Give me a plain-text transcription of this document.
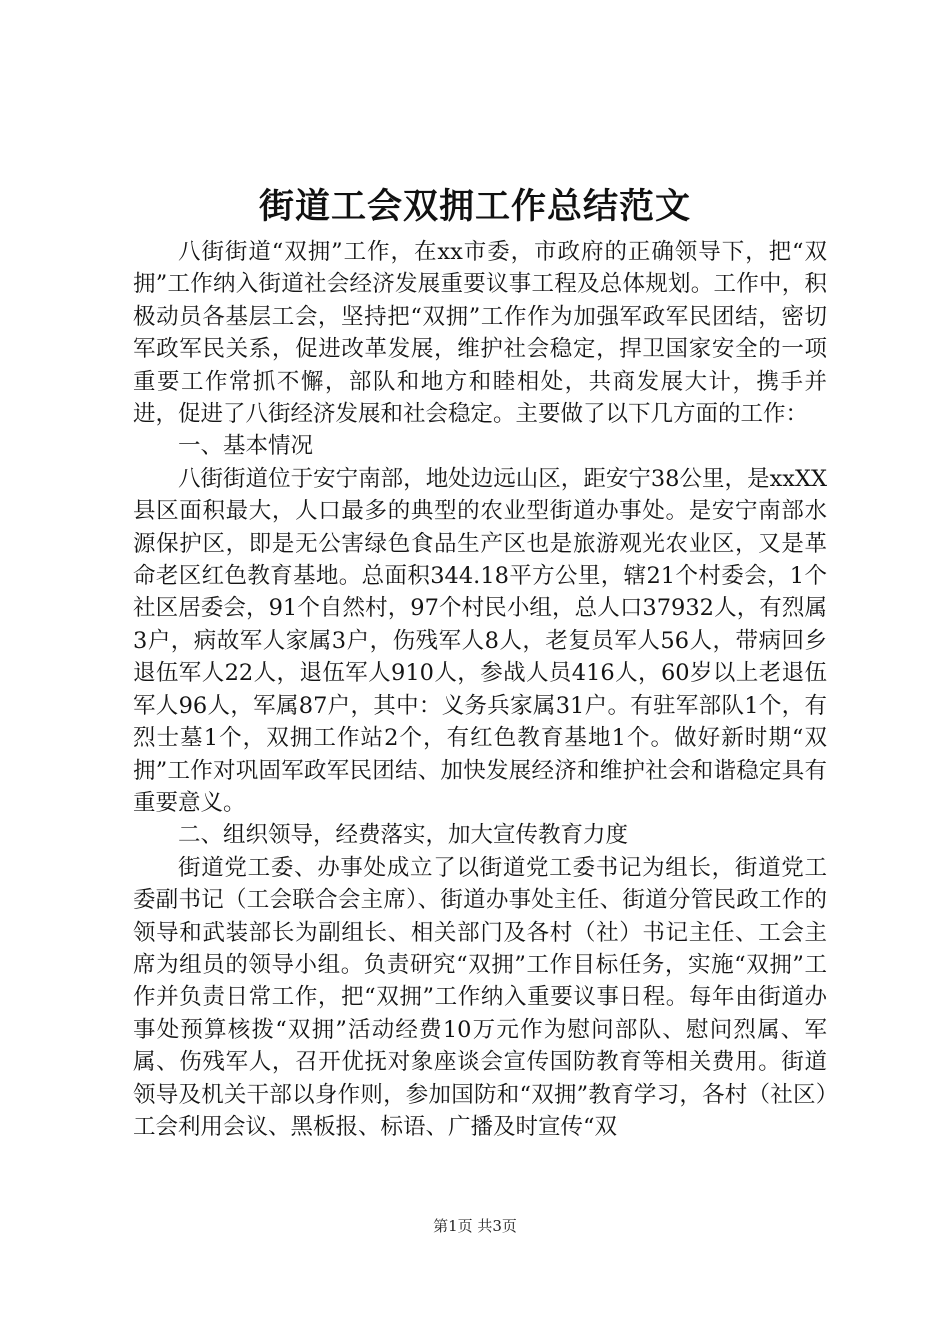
街道工会双拥工作总结范文

八街街道“双拥”工作，在xx市委，市政府的正确领导下，把“双拥”工作纳入街道社会经济发展重要议事工程及总体规划。工作中，积极动员各基层工会，坚持把“双拥”工作作为加强军政军民团结，密切军政军民关系，促进改革发展，维护社会稳定，捍卫国家安全的一项重要工作常抓不懈，部队和地方和睦相处，共商发展大计，携手并进，促进了八街经济发展和社会稳定。主要做了以下几方面的工作：

一、基本情况

八街街道位于安宁南部，地处边远山区，距安宁38公里，是xxXX县区面积最大，人口最多的典型的农业型街道办事处。是安宁南部水源保护区，即是无公害绿色食品生产区也是旅游观光农业区，又是革命老区红色教育基地。总面积344.18平方公里，辖21个村委会，1个社区居委会，91个自然村，97个村民小组，总人口37932人，有烈属3户，病故军人家属3户，伤残军人8人，老复员军人56人，带病回乡退伍军人22人，退伍军人910人，参战人员416人，60岁以上老退伍军人96人，军属87户，其中：义务兵家属31户。有驻军部队1个，有烈士墓1个，双拥工作站2个，有红色教育基地1个。做好新时期“双拥”工作对巩固军政军民团结、加快发展经济和维护社会和谐稳定具有重要意义。

二、组织领导，经费落实，加大宣传教育力度

街道党工委、办事处成立了以街道党工委书记为组长，街道党工委副书记（工会联合会主席）、街道办事处主任、街道分管民政工作的领导和武装部长为副组长、相关部门及各村（社）书记主任、工会主席为组员的领导小组。负责研究“双拥”工作目标任务，实施“双拥”工作并负责日常工作，把“双拥”工作纳入重要议事日程。每年由街道办事处预算核拨“双拥”活动经费10万元作为慰问部队、慰问烈属、军属、伤残军人，召开优抚对象座谈会宣传国防教育等相关费用。街道领导及机关干部以身作则，参加国防和“双拥”教育学习，各村（社区）工会利用会议、黑板报、标语、广播及时宣传“双

第1页 共3页
